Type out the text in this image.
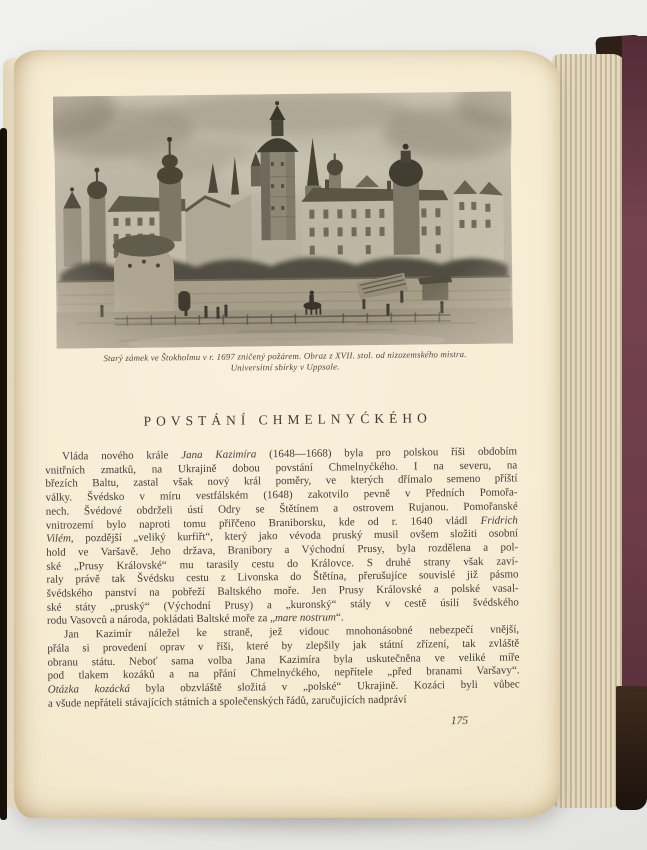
Starý zámek ve Štokholmu v r. 1697 zničený požárem. Obraz z XVII. stol. od nizozemského mistra.
Universitní sbírky v Uppsale.
POVSTÁNÍ CHMELNYĆKÉHO
Vláda nového krále Jana Kazimíra (1648—1668) byla pro polskou říši obdobím
vnitřních zmatků, na Ukrajině dobou povstání Chmelnyćkého. I na severu, na
březích Baltu, zastal však nový král poměry, ve kterých dřímalo semeno příští
války. Švédsko v míru vestfálském (1648) zakotvilo pevně v Předních Pomořa-
nech. Švédové obdrželi ústí Odry se Štětínem a ostrovem Rujanou. Pomořanské
vnitrozemí bylo naproti tomu přiřčeno Braniborsku, kde od r. 1640 vládl Fridrich
Vilém, pozdější „veliký kurfiřt“, který jako vévoda pruský musil ovšem složiti osobní
hold ve Varšavě. Jeho država, Branibory a Východní Prusy, byla rozdělena a pol-
ské „Prusy Královské“ mu tarasily cestu do Královce. S druhé strany však zaví-
raly právě tak Švédsku cestu z Livonska do Štětína, přerušujíce souvislé již pásmo
švédského panství na pobřeží Baltského moře. Jen Prusy Královské a polské vasal-
ské státy „pruský“ (Východní Prusy) a „kuronský“ stály v cestě úsilí švédského
rodu Vasovců a národa, pokládati Baltské moře za „mare nostrum“.
Jan Kazimír náležel ke straně, jež vidouc mnohonásobné nebezpečí vnější,
přála si provedení oprav v říši, které by zlepšily jak státní zřízení, tak zvláště
obranu státu. Neboť sama volba Jana Kazimíra byla uskutečněna ve veliké míře
pod tlakem kozáků a na přání Chmelnyćkého, nepřítele „před branami Varšavy“.
Otázka kozácká byla obzvláště složitá v „polské“ Ukrajině. Kozáci byli vůbec
a všude nepřáteli stávajících státních a společenských řádů, zaručujících nadpráví
175
